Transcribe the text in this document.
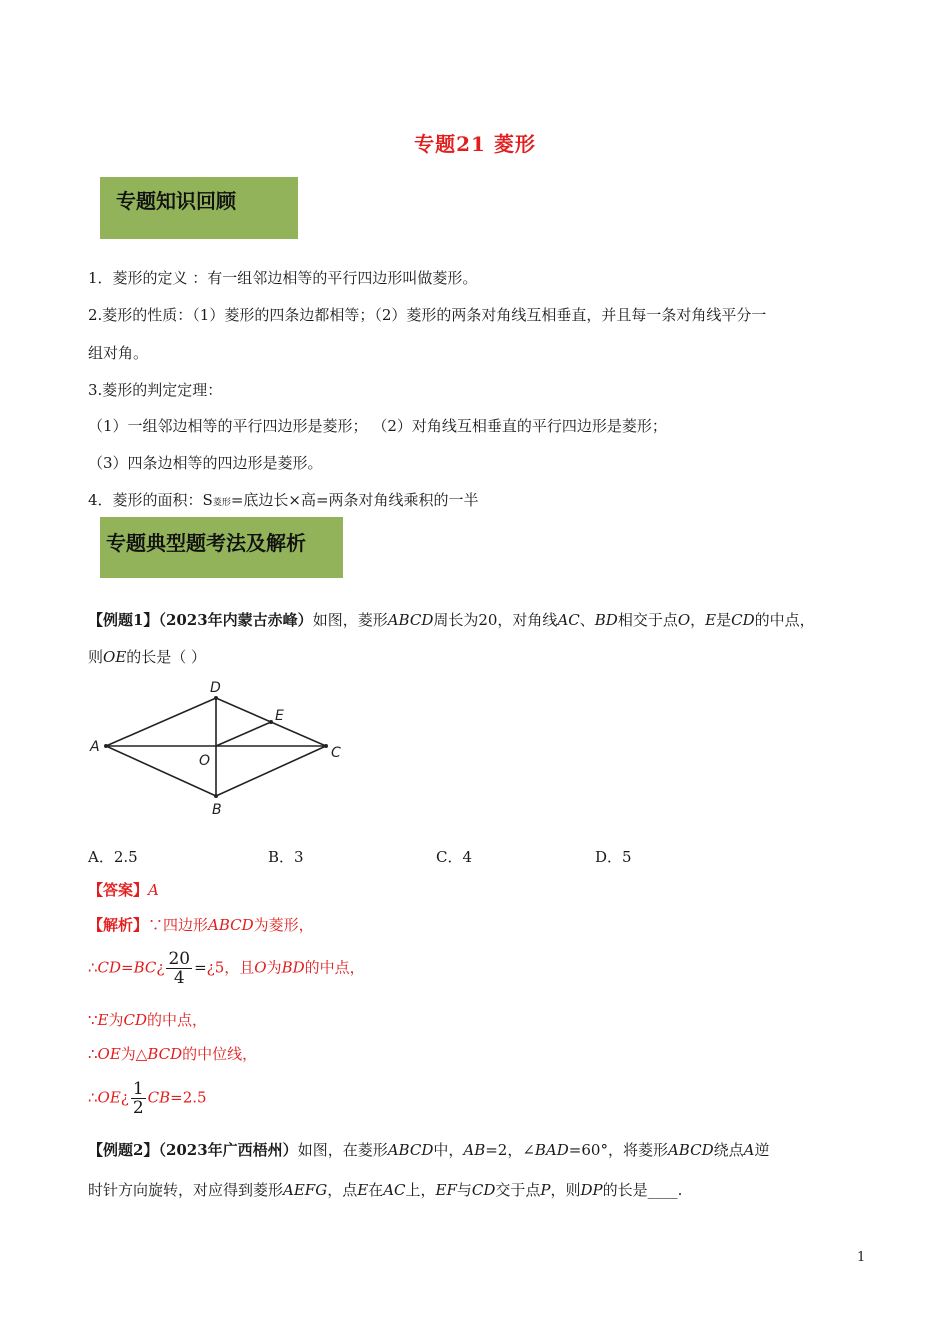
专题21 菱形
专题知识回顾
1．菱形的定义 ：有一组邻边相等的平行四边形叫做菱形。
2.菱形的性质：（1）菱形的四条边都相等；（2）菱形的两条对角线互相垂直，并且每一条对角线平分一
组对角。
3.菱形的判定定理：
（1）一组邻边相等的平行四边形是菱形； （2）对角线互相垂直的平行四边形是菱形；
（3）四条边相等的四边形是菱形。
4．菱形的面积：S菱形=底边长×高=两条对角线乘积的一半
专题典型题考法及解析
【例题1】（2023年内蒙古赤峰）如图，菱形ABCD周长为20，对角线AC、BD相交于点O，E是CD的中点，
则OE的长是（ ）
A
D
C
B
E
O
A．2.5	B．3	C．4	D．5
【答案】A
【解析】∵四边形ABCD为菱形，
∴CD=BC¿ $\frac{20}{4}$ =¿5，且O为BD的中点，
∵E为CD的中点，
∴OE为△BCD的中位线，
∴OE¿ $\frac{1}{2} CB=2.5$
【例题2】（2023年广西梧州）如图，在菱形ABCD中，AB=2，∠BAD=60°，将菱形ABCD绕点A逆
时针方向旋转，对应得到菱形AEFG，点E在AC上，EF与CD交于点P，则DP的长是____.
1
